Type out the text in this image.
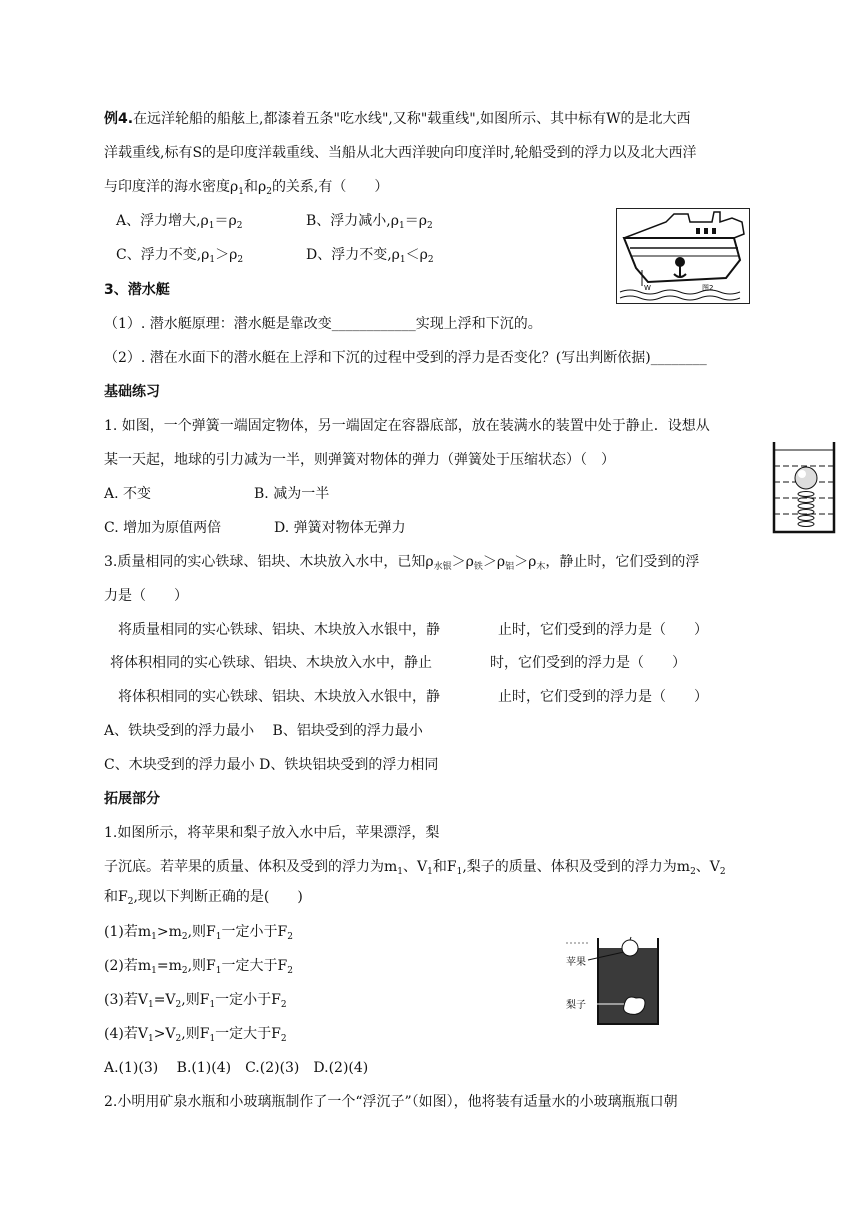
例4.在远洋轮船的船舷上,都漆着五条"吃水线",又称"载重线",如图所示、其中标有W的是北大西
洋载重线,标有S的是印度洋载重线、当船从北大西洋驶向印度洋时,轮船受到的浮力以及北大西洋
与印度洋的海水密度$\rho_1$和$\rho_2$的关系,有（　　）
A、浮力增大$,\rho_1=\rho_2$	B、浮力减小$,\rho_1=\rho_2$
C、浮力不变$,\rho_1>\rho_2$	D、浮力不变$,\rho_1<\rho_2$
W	图2
3、潜水艇
（1）. 潜水艇原理：潜水艇是靠改变____________实现上浮和下沉的。
（2）. 潜在水面下的潜水艇在上浮和下沉的过程中受到的浮力是否变化？(写出判断依据)________
基础练习
1. 如图，一个弹簧一端固定物体，另一端固定在容器底部，放在装满水的装置中处于静止．设想从
某一天起，地球的引力减为一半，则弹簧对物体的弹力（弹簧处于压缩状态）（　）
A. 不变	B. 减为一半
C. 增加为原值两倍	D. 弹簧对物体无弹力
3.质量相同的实心铁球、铝块、木块放入水中，已知$\rho_{水银}>\rho_铁>\rho_铝>\rho_木$，静止时，它们受到的浮
力是（　　）
将质量相同的实心铁球、铝块、木块放入水银中，静	止时，它们受到的浮力是（　　）
将体积相同的实心铁球、铝块、木块放入水中，静止	时，它们受到的浮力是（　　）
将体积相同的实心铁球、铝块、木块放入水银中，静	止时，它们受到的浮力是（　　）
A、铁块受到的浮力最小　 B、铝块受到的浮力最小
C、木块受到的浮力最小 D、铁块铝块受到的浮力相同
拓展部分
1.如图所示，将苹果和梨子放入水中后，苹果漂浮，梨
子沉底。若苹果的质量、体积及受到的浮力为$m_1$、$V_1$和$F_1$,梨子的质量、体积及受到的浮力为$m_2$、$V_2$
和$F_2$,现以下判断正确的是(　　)
(1)若$m_1>m_2$,则$F_1$一定小于$F_2$
(2)若$m_1=m_2$,则$F_1$一定大于$F_2$
(3)若$V_1=V_2$,则$F_1$一定小于$F_2$
(4)若$V_1>V_2$,则$F_1$一定大于$F_2$
A.(1)(3)　 B.(1)(4)　C.(2)(3)　D.(2)(4)
苹果
梨子
2.小明用矿泉水瓶和小玻璃瓶制作了一个“浮沉子”（如图），他将装有适量水的小玻璃瓶瓶口朝
